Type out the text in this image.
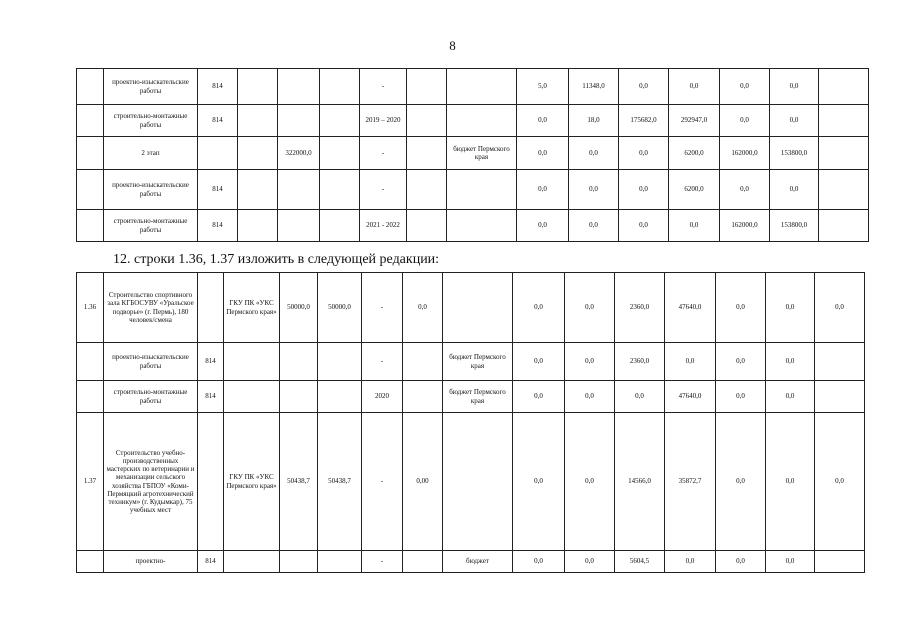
8
	проектно-изыскательские работы	814				-			5,0	11348,0	0,0	0,0	0,0	0,0	
	строительно-монтажные работы	814				2019 – 2020			0,0	18,0	175682,0	292947,0	0,0	0,0	
	2 этап			322000,0		-		бюджет Пермского края	0,0	0,0	0,0	6200,0	162000,0	153800,0	
	проектно-изыскательские работы	814				-			0,0	0,0	0,0	6200,0	0,0	0,0	
	строительно-монтажные работы	814				2021 - 2022			0,0	0,0	0,0	0,0	162000,0	153800,0	
12. строки 1.36, 1.37 изложить в следующей редакции:
1.36	Строительство спортивного зала КГБОСУВУ «Уральское подворье» (г. Пермь), 180 человек/смена		ГКУ ПК «УКС Пермского края»	50000,0	50000,0	-	0,0		0,0	0,0	2360,0	47640,0	0,0	0,0	0,0
	проектно-изыскательские работы	814				-		бюджет Пермского края	0,0	0,0	2360,0	0,0	0,0	0,0	
	строительно-монтажные работы	814				2020		бюджет Пермского края	0,0	0,0	0,0	47640,0	0,0	0,0	
1.37	Строительство учебно-производственных мастерских по ветеринарии и механизации сельского хозяйства ГБПОУ «Коми-Пермяцкий агротехнический техникум» (г. Кудымкар), 75 учебных мест		ГКУ ПК «УКС Пермского края»	50438,7	50438,7	-	0,00		0,0	0,0	14566,0	35872,7	0,0	0,0	0,0
	проектно-	814				-		бюджет	0,0	0,0	5604,5	0,0	0,0	0,0	
